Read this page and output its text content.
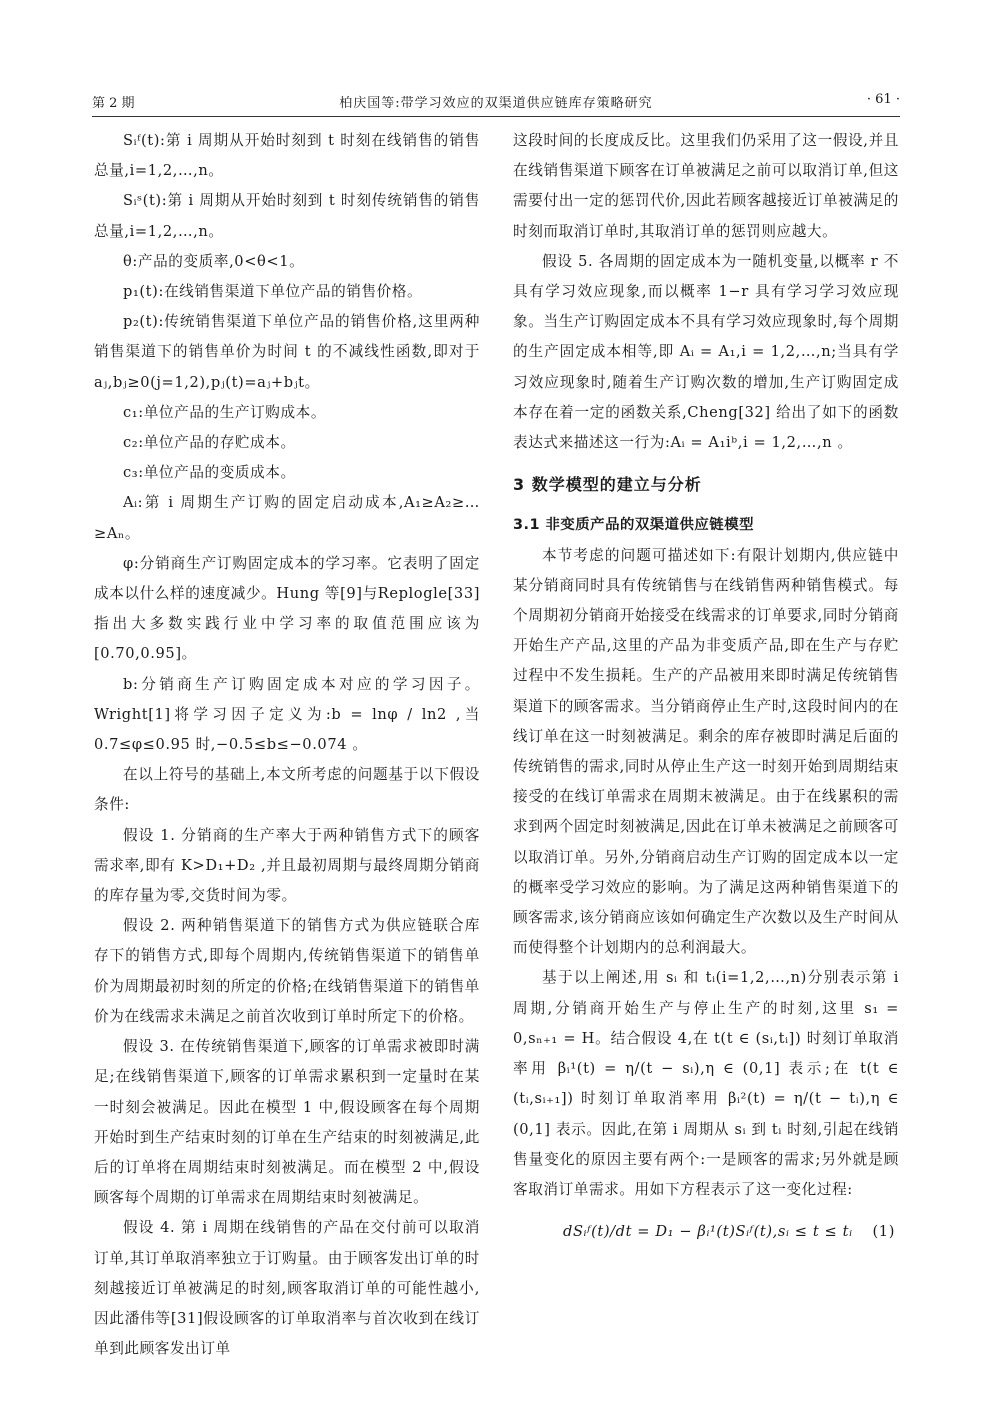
第 2 期	柏庆国等:带学习效应的双渠道供应链库存策略研究	· 61 ·

Sᵢᶠ(t):第 i 周期从开始时刻到 t 时刻在线销售的销售总量,i=1,2,…,n。

Sᵢˢ(t):第 i 周期从开始时刻到 t 时刻传统销售的销售总量,i=1,2,…,n。

θ:产品的变质率,0<θ<1。

p₁(t):在线销售渠道下单位产品的销售价格。

p₂(t):传统销售渠道下单位产品的销售价格,这里两种销售渠道下的销售单价为时间 t 的不减线性函数,即对于 aⱼ,bⱼ≥0(j=1,2),pⱼ(t)=aⱼ+bⱼt。

c₁:单位产品的生产订购成本。

c₂:单位产品的存贮成本。

c₃:单位产品的变质成本。

Aᵢ:第 i 周期生产订购的固定启动成本,A₁≥A₂≥…≥Aₙ。

φ:分销商生产订购固定成本的学习率。它表明了固定成本以什么样的速度减少。Hung 等[9]与Replogle[33]指出大多数实践行业中学习率的取值范围应该为[0.70,0.95]。

b:分销商生产订购固定成本对应的学习因子。Wright[1]将学习因子定义为:b = lnφ / ln2 ,当 0.7≤φ≤0.95 时,−0.5≤b≤−0.074 。

在以上符号的基础上,本文所考虑的问题基于以下假设条件:

假设 1. 分销商的生产率大于两种销售方式下的顾客需求率,即有 K>D₁+D₂ ,并且最初周期与最终周期分销商的库存量为零,交货时间为零。

假设 2. 两种销售渠道下的销售方式为供应链联合库存下的销售方式,即每个周期内,传统销售渠道下的销售单价为周期最初时刻的所定的价格;在线销售渠道下的销售单价为在线需求未满足之前首次收到订单时所定下的价格。

假设 3. 在传统销售渠道下,顾客的订单需求被即时满足;在线销售渠道下,顾客的订单需求累积到一定量时在某一时刻会被满足。因此在模型 1 中,假设顾客在每个周期开始时到生产结束时刻的订单在生产结束的时刻被满足,此后的订单将在周期结束时刻被满足。而在模型 2 中,假设顾客每个周期的订单需求在周期结束时刻被满足。

假设 4. 第 i 周期在线销售的产品在交付前可以取消订单,其订单取消率独立于订购量。由于顾客发出订单的时刻越接近订单被满足的时刻,顾客取消订单的可能性越小,因此潘伟等[31]假设顾客的订单取消率与首次收到在线订单到此顾客发出订单

这段时间的长度成反比。这里我们仍采用了这一假设,并且在线销售渠道下顾客在订单被满足之前可以取消订单,但这需要付出一定的惩罚代价,因此若顾客越接近订单被满足的时刻而取消订单时,其取消订单的惩罚则应越大。

假设 5. 各周期的固定成本为一随机变量,以概率 r 不具有学习效应现象,而以概率 1−r 具有学习学习效应现象。当生产订购固定成本不具有学习效应现象时,每个周期的生产固定成本相等,即 Aᵢ = A₁,i = 1,2,…,n;当具有学习效应现象时,随着生产订购次数的增加,生产订购固定成本存在着一定的函数关系,Cheng[32] 给出了如下的函数表达式来描述这一行为:Aᵢ = A₁iᵇ,i = 1,2,…,n 。

3 数学模型的建立与分析

3.1 非变质产品的双渠道供应链模型

本节考虑的问题可描述如下:有限计划期内,供应链中某分销商同时具有传统销售与在线销售两种销售模式。每个周期初分销商开始接受在线需求的订单要求,同时分销商开始生产产品,这里的产品为非变质产品,即在生产与存贮过程中不发生损耗。生产的产品被用来即时满足传统销售渠道下的顾客需求。当分销商停止生产时,这段时间内的在线订单在这一时刻被满足。剩余的库存被即时满足后面的传统销售的需求,同时从停止生产这一时刻开始到周期结束接受的在线订单需求在周期末被满足。由于在线累积的需求到两个固定时刻被满足,因此在订单未被满足之前顾客可以取消订单。另外,分销商启动生产订购的固定成本以一定的概率受学习效应的影响。为了满足这两种销售渠道下的顾客需求,该分销商应该如何确定生产次数以及生产时间从而使得整个计划期内的总利润最大。

基于以上阐述,用 sᵢ 和 tᵢ(i=1,2,…,n)分别表示第 i 周期,分销商开始生产与停止生产的时刻,这里 s₁ = 0,sₙ₊₁ = H。结合假设 4,在 t(t ∈ (sᵢ,tᵢ]) 时刻订单取消率用 βᵢ¹(t) = η/(t − sᵢ),η ∈ (0,1] 表示;在 t(t ∈ (tᵢ,sᵢ₊₁]) 时刻订单取消率用 βᵢ²(t) = η/(t − tᵢ),η ∈ (0,1] 表示。因此,在第 i 周期从 sᵢ 到 tᵢ 时刻,引起在线销售量变化的原因主要有两个:一是顾客的需求;另外就是顾客取消订单需求。用如下方程表示了这一变化过程:

dSᵢᶠ(t)/dt = D₁ − βᵢ¹(t)Sᵢᶠ(t),sᵢ ≤ t ≤ tᵢ (1)
